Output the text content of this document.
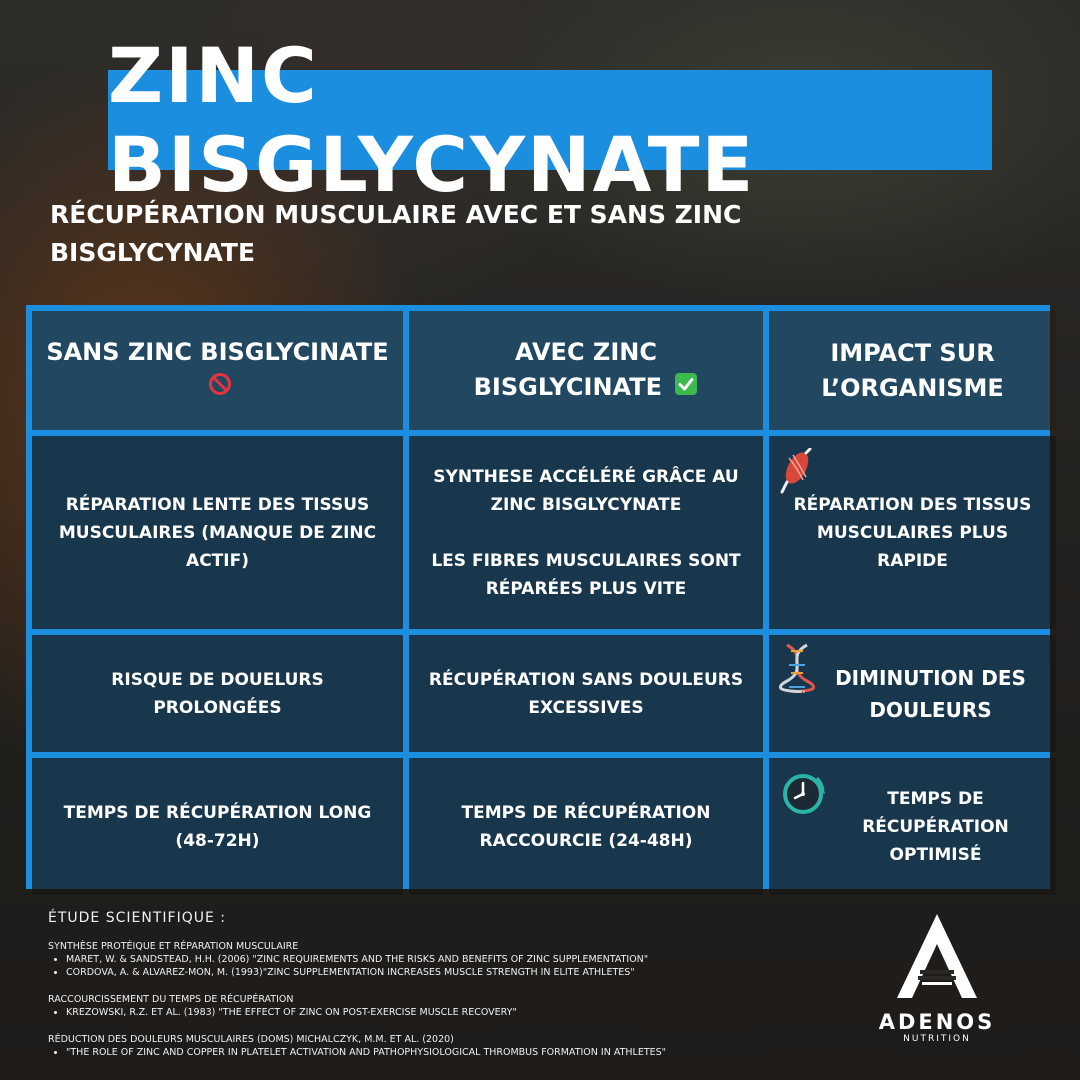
ZINC BISGLYCYNATE
RÉCUPÉRATION MUSCULAIRE AVEC ET SANS ZINC BISGLYCYNATE
SANS ZINC BISGLYCINATE	AVEC ZINC BISGLYCINATE
IMPACT SUR L’ORGANISME
RÉPARATION LENTE DES TISSUS MUSCULAIRES (MANQUE DE ZINC ACTIF)
SYNTHESE ACCÉLÉRÉ GRÂCE AU ZINC BISGLYCYNATE
LES FIBRES MUSCULAIRES SONT RÉPARÉES PLUS VITE
RÉPARATION DES TISSUS MUSCULAIRES PLUS RAPIDE
RISQUE DE DOUELURS PROLONGÉES
RÉCUPÉRATION SANS DOULEURS EXCESSIVES
DIMINUTION DES DOULEURS
TEMPS DE RÉCUPÉRATION LONG (48-72H)
TEMPS DE RÉCUPÉRATION RACCOURCIE (24-48H)
TEMPS DE RÉCUPÉRATION OPTIMISÉ
ÉTUDE SCIENTIFIQUE :
SYNTHÈSE PROTÉIQUE ET RÉPARATION MUSCULAIRE
• MARET, W. & SANDSTEAD, H.H. (2006) "ZINC REQUIREMENTS AND THE RISKS AND BENEFITS OF ZINC SUPPLEMENTATION"
• CORDOVA, A. & ALVAREZ-MON, M. (1993)"ZINC SUPPLEMENTATION INCREASES MUSCLE STRENGTH IN ELITE ATHLETES"
RACCOURCISSEMENT DU TEMPS DE RÉCUPÉRATION
• KREZOWSKI, R.Z. ET AL. (1983) "THE EFFECT OF ZINC ON POST-EXERCISE MUSCLE RECOVERY"
RÉDUCTION DES DOULEURS MUSCULAIRES (DOMS) MICHALCZYK, M.M. ET AL. (2020)
• "THE ROLE OF ZINC AND COPPER IN PLATELET ACTIVATION AND PATHOPHYSIOLOGICAL THROMBUS FORMATION IN ATHLETES"
ADENOS
NUTRITION
